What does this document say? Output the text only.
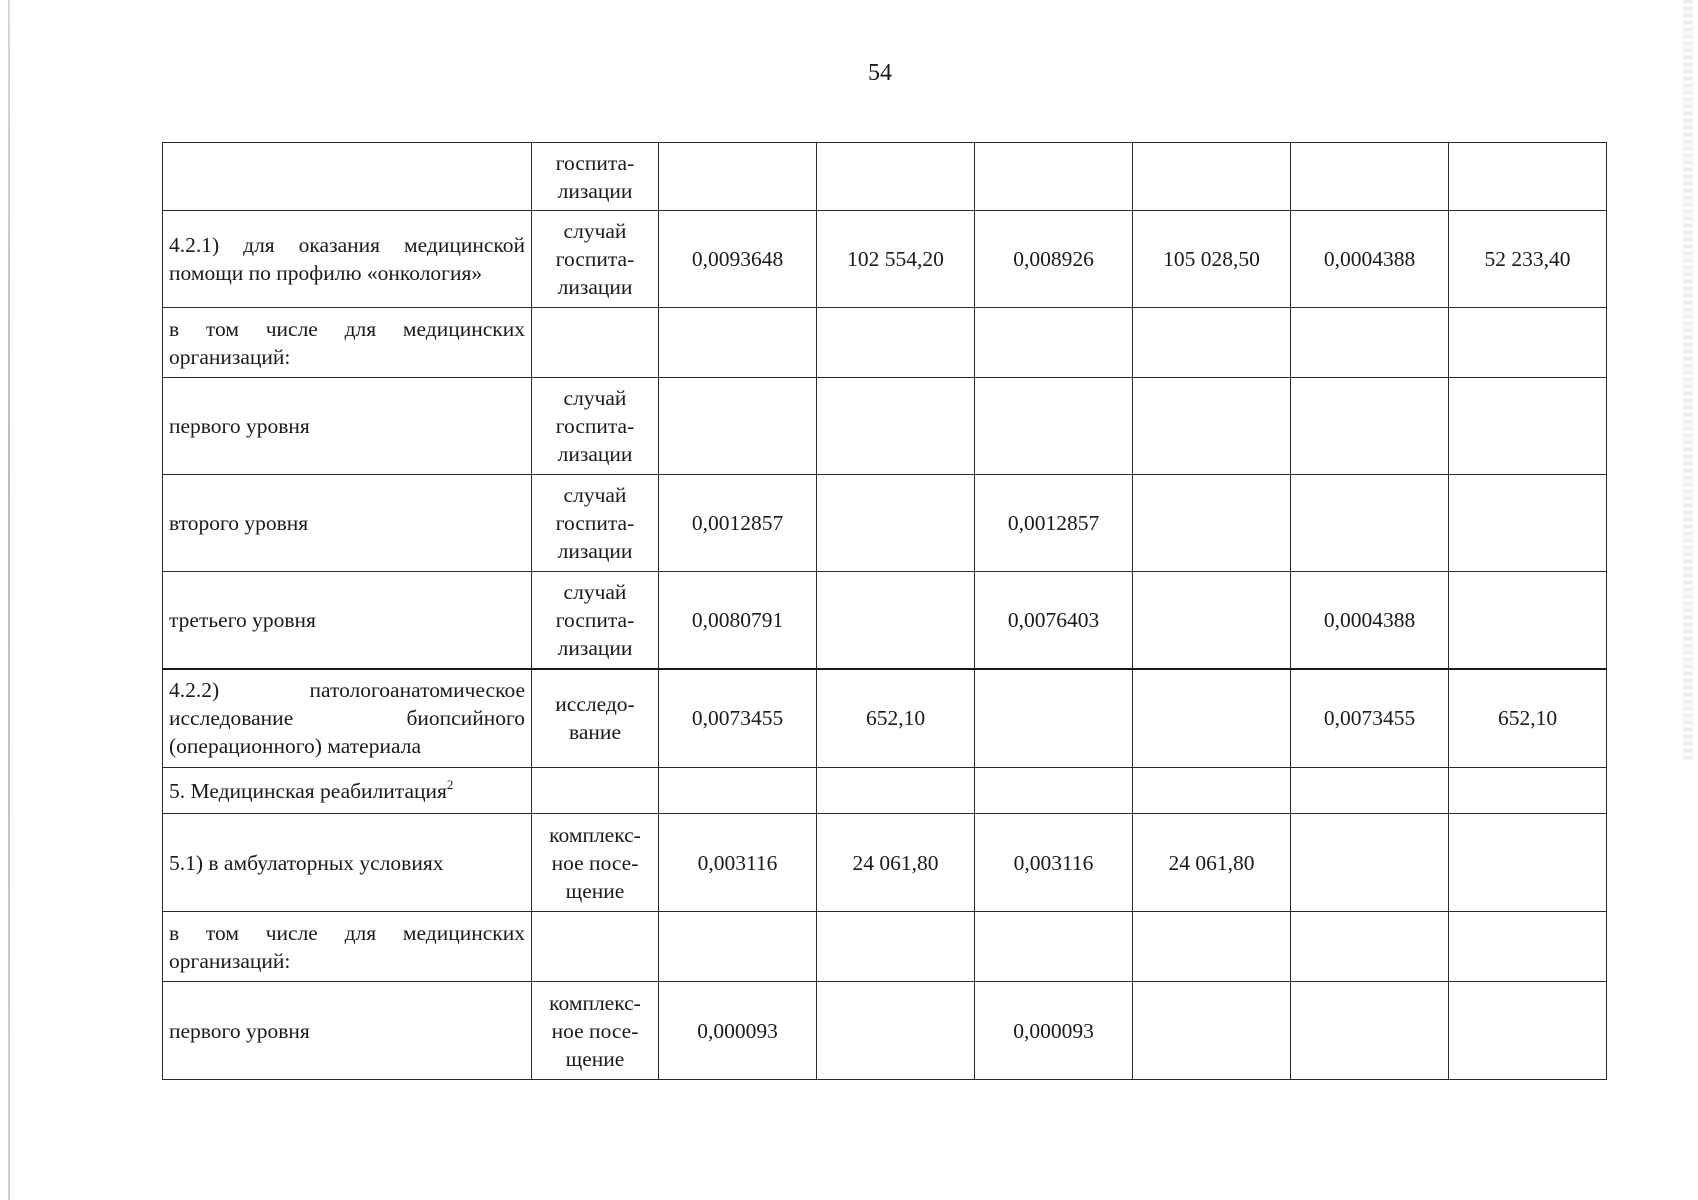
54
	госпита-
лизации						
4.2.1) для оказания медицинской помощи по профилю «онкология»	случай
госпита-
лизации	0,0093648	102 554,20	0,008926	105 028,50	0,0004388	52 233,40
в том числе для медицинских организаций:							
первого уровня	случай
госпита-
лизации						
второго уровня	случай
госпита-
лизации	0,0012857		0,0012857			
третьего уровня	случай
госпита-
лизации	0,0080791		0,0076403		0,0004388	
4.2.2) патологоанатомическое исследование биопсийного (операционного) материала	исследо-
вание	0,0073455	652,10			0,0073455	652,10
5. Медицинская реабилитация$^2$							
5.1) в амбулаторных условиях	комплекс-
ное посе-
щение	0,003116	24 061,80	0,003116	24 061,80		
в том числе для медицинских организаций:							
первого уровня	комплекс-
ное посе-
щение	0,000093		0,000093			
